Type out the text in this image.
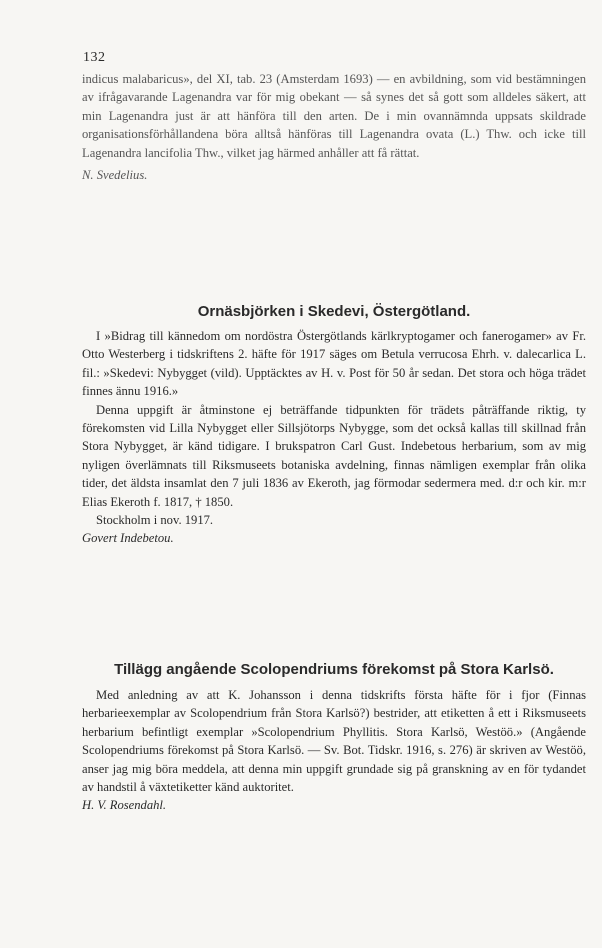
132

indicus malabaricus», del XI, tab. 23 (Amsterdam 1693) — en avbildning, som vid bestämningen av ifrågavarande Lagenandra var för mig obekant — så synes det så gott som alldeles säkert, att min Lagenandra just är att hänföra till den arten. De i min ovannämnda uppsats skildrade organisationsförhållandena böra alltså hänföras till Lagenandra ovata (L.) Thw. och icke till Lagenandra lancifolia Thw., vilket jag härmed anhåller att få rättat.

N. Svedelius.

Ornäsbjörken i Skedevi, Östergötland.

I »Bidrag till kännedom om nordöstra Östergötlands kärlkryptogamer och fanerogamer» av Fr. Otto Westerberg i tidskriftens 2. häfte för 1917 säges om Betula verrucosa Ehrh. v. dalecarlica L. fil.: »Skedevi: Nybygget (vild). Upptäcktes av H. v. Post för 50 år sedan. Det stora och höga trädet finnes ännu 1916.»

Denna uppgift är åtminstone ej beträffande tidpunkten för trädets påträffande riktig, ty förekomsten vid Lilla Nybygget eller Sillsjötorps Nybygge, som det också kallas till skillnad från Stora Nybygget, är känd tidigare. I brukspatron Carl Gust. Indebetous herbarium, som av mig nyligen överlämnats till Riksmuseets botaniska avdelning, finnas nämligen exemplar från olika tider, det äldsta insamlat den 7 juli 1836 av Ekeroth, jag förmodar sedermera med. d:r och kir. m:r Elias Ekeroth f. 1817, † 1850.

Stockholm i nov. 1917.

Govert Indebetou.

Tillägg angående Scolopendriums förekomst på Stora Karlsö.

Med anledning av att K. Johansson i denna tidskrifts första häfte för i fjor (Finnas herbarieexemplar av Scolopendrium från Stora Karlsö?) bestrider, att etiketten å ett i Riksmuseets herbarium befintligt exemplar »Scolopendrium Phyllitis. Stora Karlsö, Westöö.» (Angående Scolopendriums förekomst på Stora Karlsö. — Sv. Bot. Tidskr. 1916, s. 276) är skriven av Westöö, anser jag mig böra meddela, att denna min uppgift grundade sig på granskning av en för tydandet av handstil å växtetiketter känd auktoritet.

H. V. Rosendahl.
